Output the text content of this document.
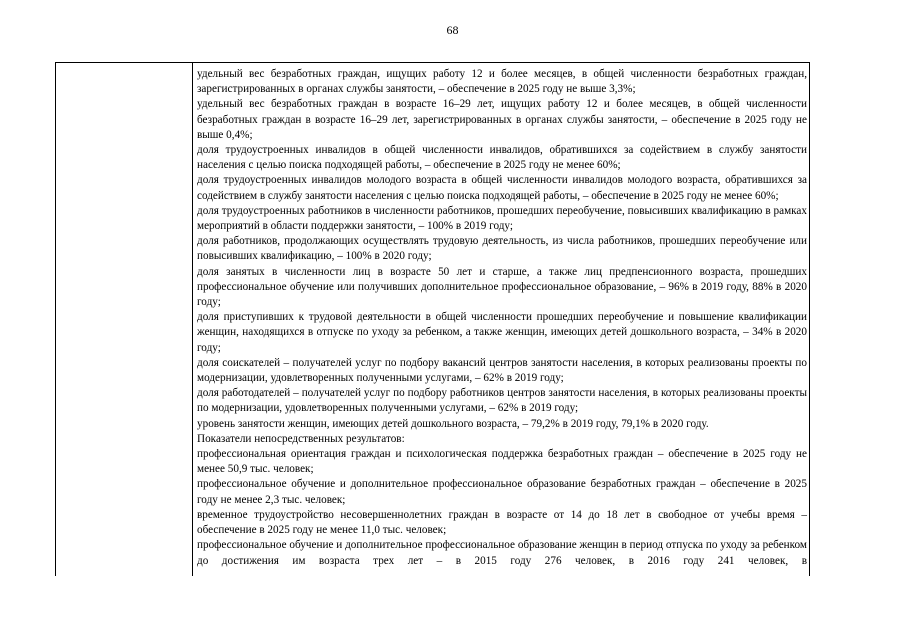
68

удельный вес безработных граждан, ищущих работу 12 и более месяцев, в общей численности безработных граждан, зарегистрированных в органах службы занятости, – обеспечение в 2025 году не выше 3,3%;

удельный вес безработных граждан в возрасте 16–29 лет, ищущих работу 12 и более месяцев, в общей численности безработных граждан в возрасте 16–29 лет, зарегистрированных в органах службы занятости, – обеспечение в 2025 году не выше 0,4%;

доля трудоустроенных инвалидов в общей численности инвалидов, обратившихся за содействием в службу занятости населения с целью поиска подходящей работы, – обеспечение в 2025 году не менее 60%;

доля трудоустроенных инвалидов молодого возраста в общей численности инвалидов молодого возраста, обратившихся за содействием в службу занятости населения с целью поиска подходящей работы, – обеспечение в 2025 году не менее 60%;

доля трудоустроенных работников в численности работников, прошедших переобучение, повысивших квалификацию в рамках мероприятий в области поддержки занятости, – 100% в 2019 году;

доля работников, продолжающих осуществлять трудовую деятельность, из числа работников, прошедших переобучение или повысивших квалификацию, – 100% в 2020 году;

доля занятых в численности лиц в возрасте 50 лет и старше, а также лиц предпенсионного возраста, прошедших профессиональное обучение или получивших дополнительное профессиональное образование, – 96% в 2019 году, 88% в 2020 году;

доля приступивших к трудовой деятельности в общей численности прошедших переобучение и повышение квалификации женщин, находящихся в отпуске по уходу за ребенком, а также женщин, имеющих детей дошкольного возраста, – 34% в 2020 году;

доля соискателей – получателей услуг по подбору вакансий центров занятости населения, в которых реализованы проекты по модернизации, удовлетворенных полученными услугами, – 62% в 2019 году;

доля работодателей – получателей услуг по подбору работников центров занятости населения, в которых реализованы проекты по модернизации, удовлетворенных полученными услугами, – 62% в 2019 году;

уровень занятости женщин, имеющих детей дошкольного возраста, – 79,2% в 2019 году, 79,1% в 2020 году.

Показатели непосредственных результатов:

профессиональная ориентация граждан и психологическая поддержка безработных граждан – обеспечение в 2025 году не менее 50,9 тыс. человек;

профессиональное обучение и дополнительное профессиональное образование безработных граждан – обеспечение в 2025 году не менее 2,3 тыс. человек;

временное трудоустройство несовершеннолетних граждан в возрасте от 14 до 18 лет в свободное от учебы время – обеспечение в 2025 году не менее 11,0 тыс. человек;

профессиональное обучение и дополнительное профессиональное образование женщин в период отпуска по уходу за ребенком до достижения им возраста трех лет – в 2015 году 276 человек, в 2016 году 241 человек, в
